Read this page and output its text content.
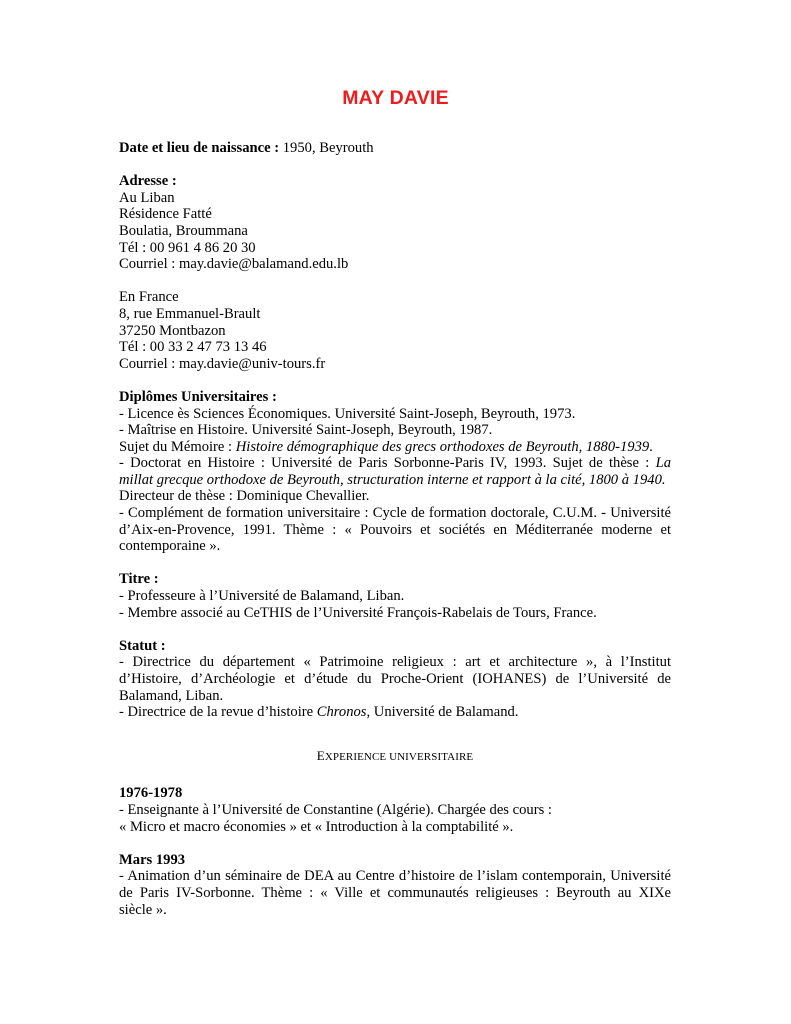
MAY DAVIE
Date et lieu de naissance : 1950, Beyrouth
Adresse :
Au Liban
Résidence Fatté
Boulatia, Broummana
Tél : 00 961 4 86 20 30
Courriel : may.davie@balamand.edu.lb
En France
8, rue Emmanuel-Brault
37250 Montbazon
Tél : 00 33 2 47 73 13 46
Courriel : may.davie@univ-tours.fr
Diplômes Universitaires :
- Licence ès Sciences Économiques. Université Saint-Joseph, Beyrouth, 1973.
- Maîtrise en Histoire. Université Saint-Joseph, Beyrouth, 1987.
Sujet du Mémoire : Histoire démographique des grecs orthodoxes de Beyrouth, 1880-1939.
- Doctorat en Histoire : Université de Paris Sorbonne-Paris IV, 1993. Sujet de thèse : La
millat grecque orthodoxe de Beyrouth, structuration interne et rapport à la cité, 1800 à 1940.
Directeur de thèse : Dominique Chevallier.
- Complément de formation universitaire : Cycle de formation doctorale, C.U.M. - Université
d’Aix-en-Provence, 1991. Thème : « Pouvoirs et sociétés en Méditerranée moderne et
contemporaine ».
Titre :
- Professeure à l’Université de Balamand, Liban.
- Membre associé au CeTHIS de l’Université François-Rabelais de Tours, France.
Statut :
- Directrice du département « Patrimoine religieux : art et architecture », à l’Institut
d’Histoire, d’Archéologie et d’étude du Proche-Orient (IOHANES) de l’Université de
Balamand, Liban.
- Directrice de la revue d’histoire Chronos, Université de Balamand.
EXPERIENCE UNIVERSITAIRE
1976-1978
- Enseignante à l’Université de Constantine (Algérie). Chargée des cours :
« Micro et macro économies » et « Introduction à la comptabilité ».
Mars 1993
- Animation d’un séminaire de DEA au Centre d’histoire de l’islam contemporain, Université
de Paris IV-Sorbonne. Thème : « Ville et communautés religieuses : Beyrouth au XIXe
siècle ».
